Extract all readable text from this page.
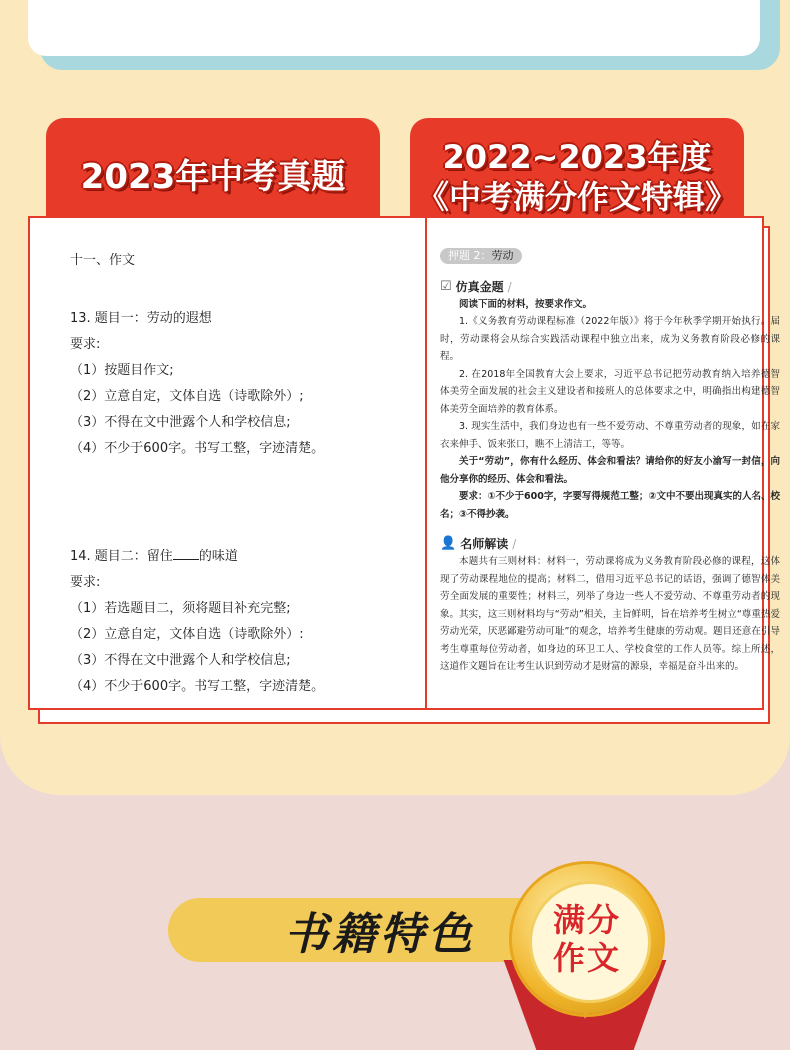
2023年中考真题	2022~2023年度
《中考满分作文特辑》
十一、作文
13. 题目一：劳动的遐想
要求:
（1）按题目作文;
（2）立意自定，文体自选（诗歌除外）;
（3）不得在文中泄露个人和学校信息;
（4）不少于600字。书写工整，字迹清楚。
14. 题目二：留住 的味道
要求:
（1）若选题目二，须将题目补充完整;
（2）立意自定，文体自选（诗歌除外）:
（3）不得在文中泄露个人和学校信息;
（4）不少于600字。书写工整，字迹清楚。
押题 2：劳动
☑ 仿真金题 /

阅读下面的材料，按要求作文。

1.《义务教育劳动课程标准（2022年版）》将于今年秋季学期开始执行。届时，劳动课将会从综合实践活动课程中独立出来，成为义务教育阶段必修的课程。

2. 在2018年全国教育大会上要求，习近平总书记把劳动教育纳入培养德智体美劳全面发展的社会主义建设者和接班人的总体要求之中，明确指出构建德智体美劳全面培养的教育体系。

3. 现实生活中，我们身边也有一些不爱劳动、不尊重劳动者的现象，如在家衣来伸手、饭来张口，瞧不上清洁工，等等。

关于“劳动”，你有什么经历、体会和看法？请给你的好友小渝写一封信，向他分享你的经历、体会和看法。

要求：①不少于600字，字要写得规范工整；②文中不要出现真实的人名、校名；③不得抄袭。

👤 名师解读 /

本题共有三则材料：材料一，劳动课将成为义务教育阶段必修的课程，这体现了劳动课程地位的提高；材料二，借用习近平总书记的话语，强调了德智体美劳全面发展的重要性；材料三，列举了身边一些人不爱劳动、不尊重劳动者的现象。其实，这三则材料均与“劳动”相关，主旨鲜明，旨在培养考生树立“尊重热爱劳动光荣，厌恶鄙避劳动可耻”的观念，培养考生健康的劳动观。题目还意在引导考生尊重每位劳动者，如身边的环卫工人、学校食堂的工作人员等。综上所述，这道作文题旨在让考生认识到劳动才是财富的源泉，幸福是奋斗出来的。

书籍特色	满分
作文
